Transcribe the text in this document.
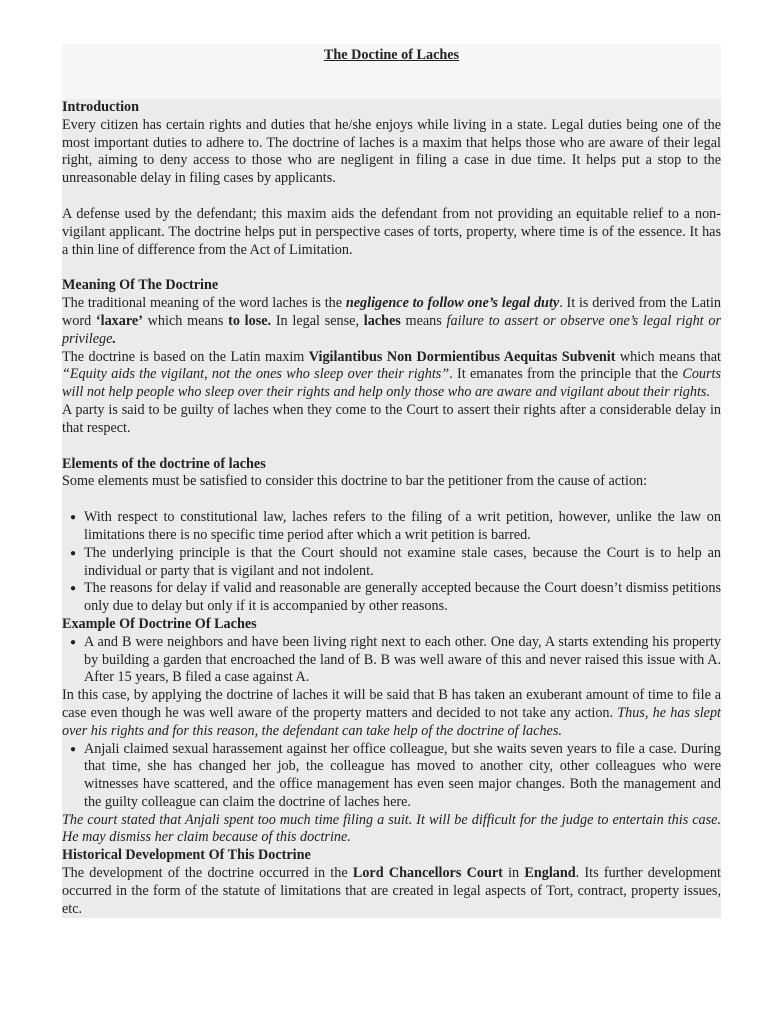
The Doctine of Laches
Introduction

Every citizen has certain rights and duties that he/she enjoys while living in a state. Legal duties being one of the most important duties to adhere to. The doctrine of laches is a maxim that helps those who are aware of their legal right, aiming to deny access to those who are negligent in filing a case in due time. It helps put a stop to the unreasonable delay in filing cases by applicants.

A defense used by the defendant; this maxim aids the defendant from not providing an equitable relief to a non-vigilant applicant. The doctrine helps put in perspective cases of torts, property, where time is of the essence. It has a thin line of difference from the Act of Limitation.

Meaning Of The Doctrine

The traditional meaning of the word laches is the negligence to follow one’s legal duty. It is derived from the Latin word ‘laxare’ which means to lose. In legal sense, laches means failure to assert or observe one’s legal right or privilege.

The doctrine is based on the Latin maxim Vigilantibus Non Dormientibus Aequitas Subvenit which means that “Equity aids the vigilant, not the ones who sleep over their rights”. It emanates from the principle that the Courts will not help people who sleep over their rights and help only those who are aware and vigilant about their rights.

A party is said to be guilty of laches when they come to the Court to assert their rights after a considerable delay in that respect.

Elements of the doctrine of laches

Some elements must be satisfied to consider this doctrine to bar the petitioner from the cause of action:

● With respect to constitutional law, laches refers to the filing of a writ petition, however, unlike the law on limitations there is no specific time period after which a writ petition is barred.
● The underlying principle is that the Court should not examine stale cases, because the Court is to help an individual or party that is vigilant and not indolent.
● The reasons for delay if valid and reasonable are generally accepted because the Court doesn’t dismiss petitions only due to delay but only if it is accompanied by other reasons.
Example Of Doctrine Of Laches
● A and B were neighbors and have been living right next to each other. One day, A starts extending his property by building a garden that encroached the land of B. B was well aware of this and never raised this issue with A. After 15 years, B filed a case against A.

In this case, by applying the doctrine of laches it will be said that B has taken an exuberant amount of time to file a case even though he was well aware of the property matters and decided to not take any action. Thus, he has slept over his rights and for this reason, the defendant can take help of the doctrine of laches.

● Anjali claimed sexual harassement against her office colleague, but she waits seven years to file a case. During that time, she has changed her job, the colleague has moved to another city, other colleagues who were witnesses have scattered, and the office management has even seen major changes. Both the management and the guilty colleague can claim the doctrine of laches here.

The court stated that Anjali spent too much time filing a suit. It will be difficult for the judge to entertain this case. He may dismiss her claim because of this doctrine.

Historical Development Of This Doctrine

The development of the doctrine occurred in the Lord Chancellors Court in England. Its further development occurred in the form of the statute of limitations that are created in legal aspects of Tort, contract, property issues, etc.
